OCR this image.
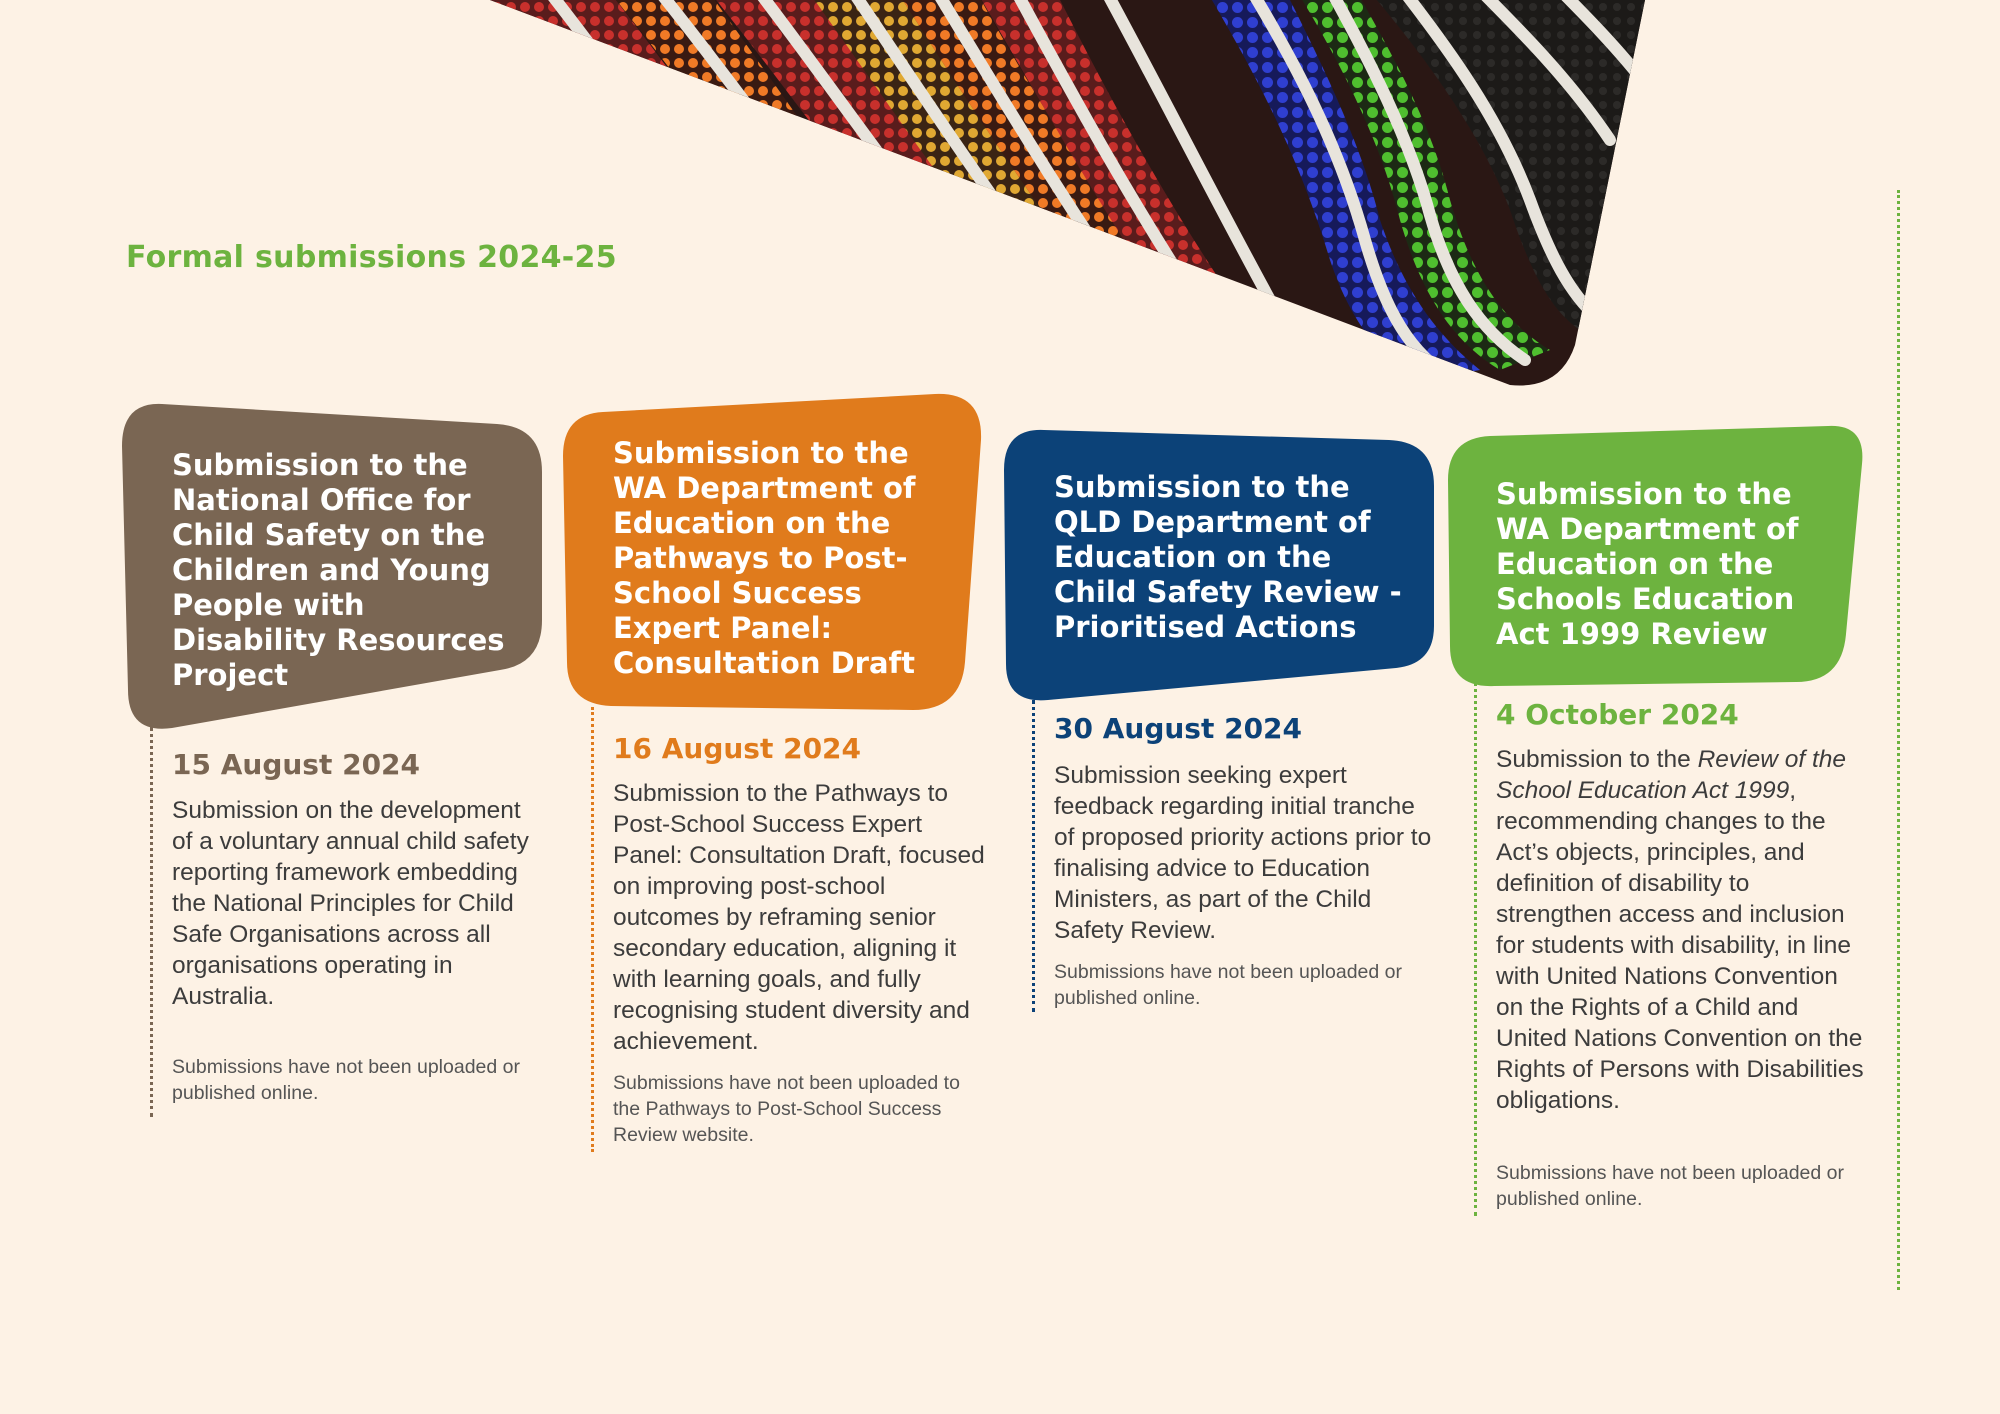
Formal submissions 2024-25
Submission to the National Office for Child Safety on the Children and Young People with Disability Resources Project
15 August 2024
Submission on the development of a voluntary annual child safety reporting framework embedding the National Principles for Child Safe Organisations across all organisations operating in Australia.
Submissions have not been uploaded or published online.
Submission to the WA Department of Education on the Pathways to Post-School Success Expert Panel: Consultation Draft
16 August 2024
Submission to the Pathways to Post-School Success Expert Panel: Consultation Draft, focused on improving post-school outcomes by reframing senior secondary education, aligning it with learning goals, and fully recognising student diversity and achievement.
Submissions have not been uploaded to the Pathways to Post-School Success Review website.
Submission to the QLD Department of Education on the Child Safety Review - Prioritised Actions
30 August 2024
Submission seeking expert feedback regarding initial tranche of proposed priority actions prior to finalising advice to Education Ministers, as part of the Child Safety Review.
Submissions have not been uploaded or published online.
Submission to the WA Department of Education on the Schools Education Act 1999 Review
4 October 2024
Submission to the Review of the School Education Act 1999, recommending changes to the Act’s objects, principles, and definition of disability to strengthen access and inclusion for students with disability, in line with United Nations Convention on the Rights of a Child and United Nations Convention on the Rights of Persons with Disabilities obligations.
Submissions have not been uploaded or published online.
